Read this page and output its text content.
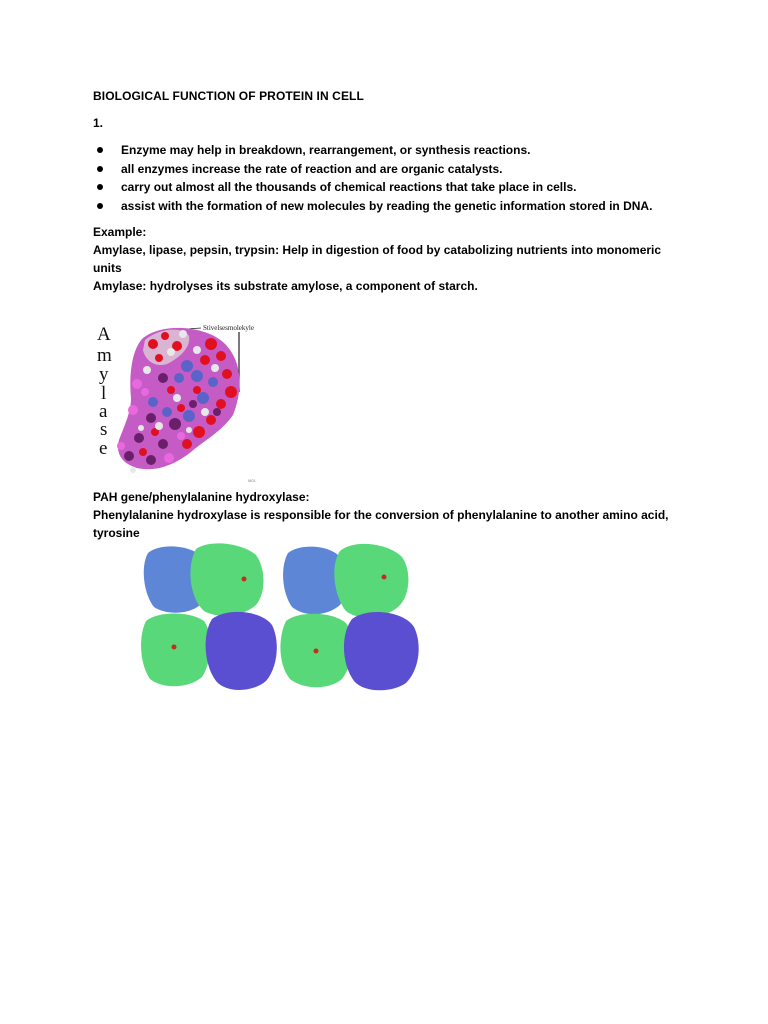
BIOLOGICAL FUNCTION OF PROTEIN IN CELL
1.
Enzyme may help in breakdown, rearrangement, or synthesis reactions.
all enzymes increase the rate of reaction and are organic catalysts.
carry out almost all the thousands of chemical reactions that take place in cells.
assist with the formation of new molecules by reading the genetic information stored in DNA.
Example:
Amylase, lipase, pepsin, trypsin: Help in digestion of food by catabolizing nutrients into monomeric units
Amylase: hydrolyses its substrate amylose, a component of starch.
A
m
y
l
a
s
e
Stivelsesmolekyle
MDL
PAH gene/phenylalanine hydroxylase:
Phenylalanine hydroxylase is responsible for the conversion of phenylalanine to another amino acid, tyrosine
